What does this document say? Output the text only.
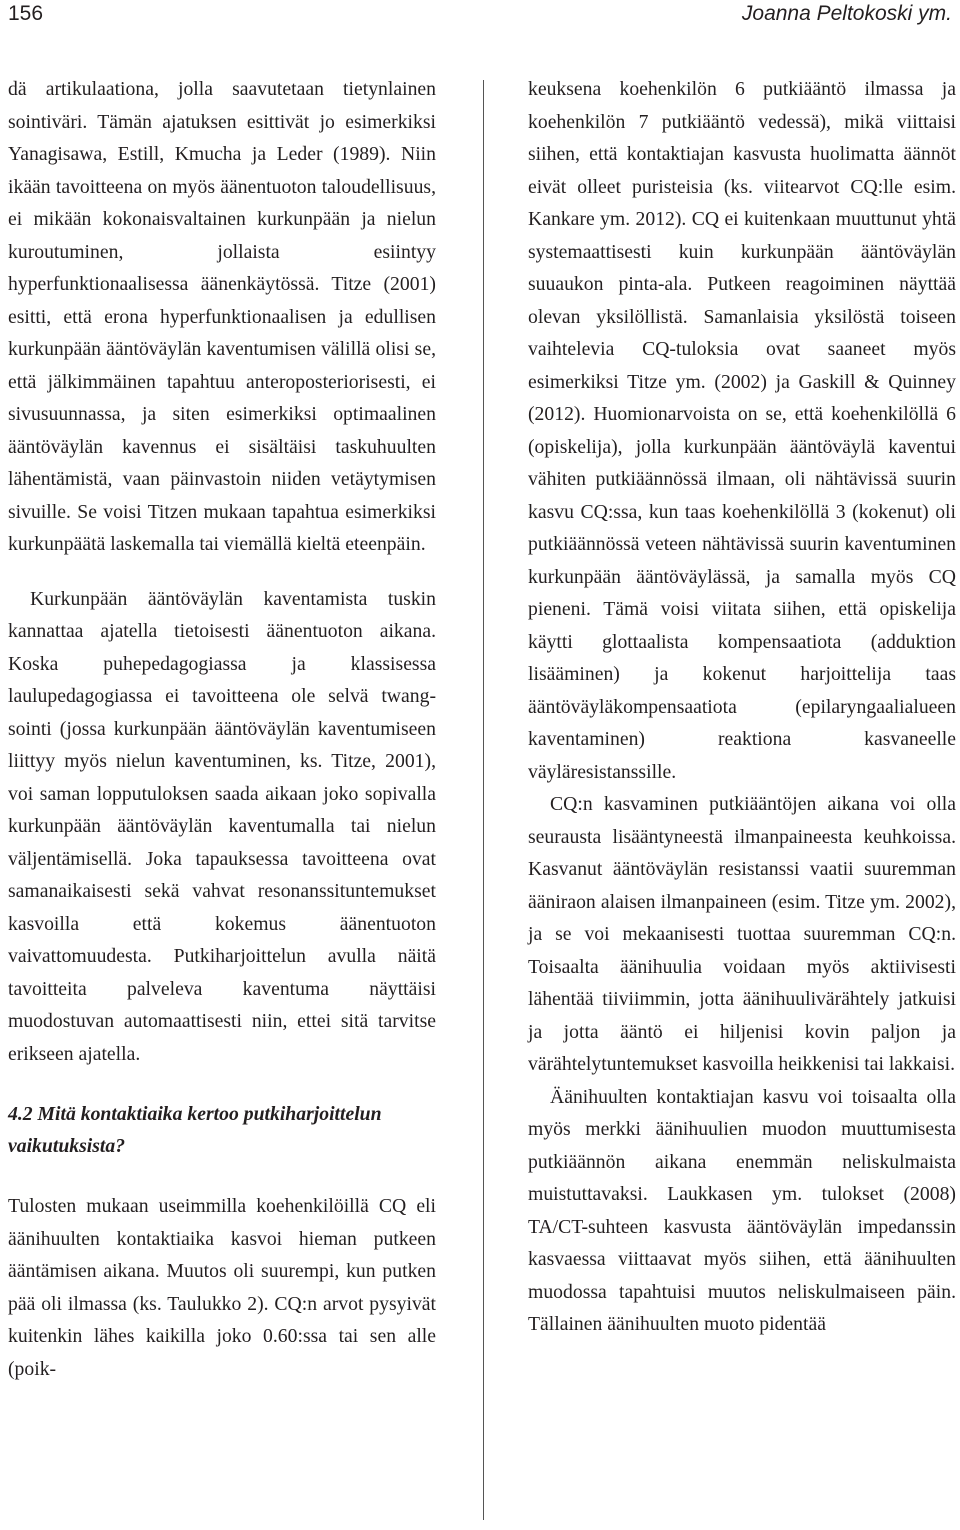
156	Joanna Peltokoski ym.

dä artikulaationa, jolla saavutetaan tietynlainen sointiväri. Tämän ajatuksen esittivät jo esimerkiksi Yanagisawa, Estill, Kmucha ja Leder (1989). Niin ikään tavoitteena on myös äänentuoton taloudellisuus, ei mikään kokonaisvaltainen kurkunpään ja nielun kuroutuminen, jollaista esiintyy hyperfunktionaalisessa äänenkäytössä. Titze (2001) esitti, että erona hyperfunktionaalisen ja edullisen kurkunpään ääntöväylän kaventumisen välillä olisi se, että jälkimmäinen tapahtuu anteroposteriorisesti, ei sivusuunnassa, ja siten esimerkiksi optimaalinen ääntöväylän kavennus ei sisältäisi taskuhuulten lähentämistä, vaan päinvastoin niiden vetäytymisen sivuille. Se voisi Titzen mukaan tapahtua esimerkiksi kurkunpäätä laskemalla tai viemällä kieltä eteenpäin.

Kurkunpään ääntöväylän kaventamista tuskin kannattaa ajatella tietoisesti äänentuoton aikana. Koska puhepedagogiassa ja klassisessa laulupedagogiassa ei tavoitteena ole selvä twang-sointi (jossa kurkunpään ääntöväylän kaventumiseen liittyy myös nielun kaventuminen, ks. Titze, 2001), voi saman lopputuloksen saada aikaan joko sopivalla kurkunpään ääntöväylän kaventumalla tai nielun väljentämisellä. Joka tapauksessa tavoitteena ovat samanaikaisesti sekä vahvat resonanssituntemukset kasvoilla että kokemus äänentuoton vaivattomuudesta. Putkiharjoittelun avulla näitä tavoitteita palveleva kaventuma näyttäisi muodostuvan automaattisesti niin, ettei sitä tarvitse erikseen ajatella.

4.2 Mitä kontaktiaika kertoo putkiharjoittelun vaikutuksista?

Tulosten mukaan useimmilla koehenkilöillä CQ eli äänihuulten kontaktiaika kasvoi hieman putkeen ääntämisen aikana. Muutos oli suurempi, kun putken pää oli ilmassa (ks. Taulukko 2). CQ:n arvot pysyivät kuitenkin lähes kaikilla joko 0.60:ssa tai sen alle (poik-

keuksena koehenkilön 6 putkiääntö ilmassa ja koehenkilön 7 putkiääntö vedessä), mikä viittaisi siihen, että kontaktiajan kasvusta huolimatta äännöt eivät olleet puristeisia (ks. viitearvot CQ:lle esim. Kankare ym. 2012). CQ ei kuitenkaan muuttunut yhtä systemaattisesti kuin kurkunpään ääntöväylän suuaukon pinta-ala. Putkeen reagoiminen näyttää olevan yksilöllistä. Samanlaisia yksilöstä toiseen vaihtelevia CQ-tuloksia ovat saaneet myös esimerkiksi Titze ym. (2002) ja Gaskill & Quinney (2012). Huomionarvoista on se, että koehenkilöllä 6 (opiskelija), jolla kurkunpään ääntöväylä kaventui vähiten putkiäännössä ilmaan, oli nähtävissä suurin kasvu CQ:ssa, kun taas koehenkilöllä 3 (kokenut) oli putkiäännössä veteen nähtävissä suurin kaventuminen kurkunpään ääntöväylässä, ja samalla myös CQ pieneni. Tämä voisi viitata siihen, että opiskelija käytti glottaalista kompensaatiota (adduktion lisääminen) ja kokenut harjoittelija taas ääntöväyläkompensaatiota (epilaryngaalialueen kaventaminen) reaktiona kasvaneelle väyläresistanssille.

CQ:n kasvaminen putkiääntöjen aikana voi olla seurausta lisääntyneestä ilmanpaineesta keuhkoissa. Kasvanut ääntöväylän resistanssi vaatii suuremman ääniraon alaisen ilmanpaineen (esim. Titze ym. 2002), ja se voi mekaanisesti tuottaa suuremman CQ:n. Toisaalta äänihuulia voidaan myös aktiivisesti lähentää tiiviimmin, jotta äänihuulivärähtely jatkuisi ja jotta ääntö ei hiljenisi kovin paljon ja värähtelytuntemukset kasvoilla heikkenisi tai lakkaisi.

Äänihuulten kontaktiajan kasvu voi toisaalta olla myös merkki äänihuulien muodon muuttumisesta putkiäännön aikana enemmän neliskulmaista muistuttavaksi. Laukkasen ym. tulokset (2008) TA/CT-suhteen kasvusta ääntöväylän impedanssin kasvaessa viittaavat myös siihen, että äänihuulten muodossa tapahtuisi muutos neliskulmaiseen päin. Tällainen äänihuulten muoto pidentää
